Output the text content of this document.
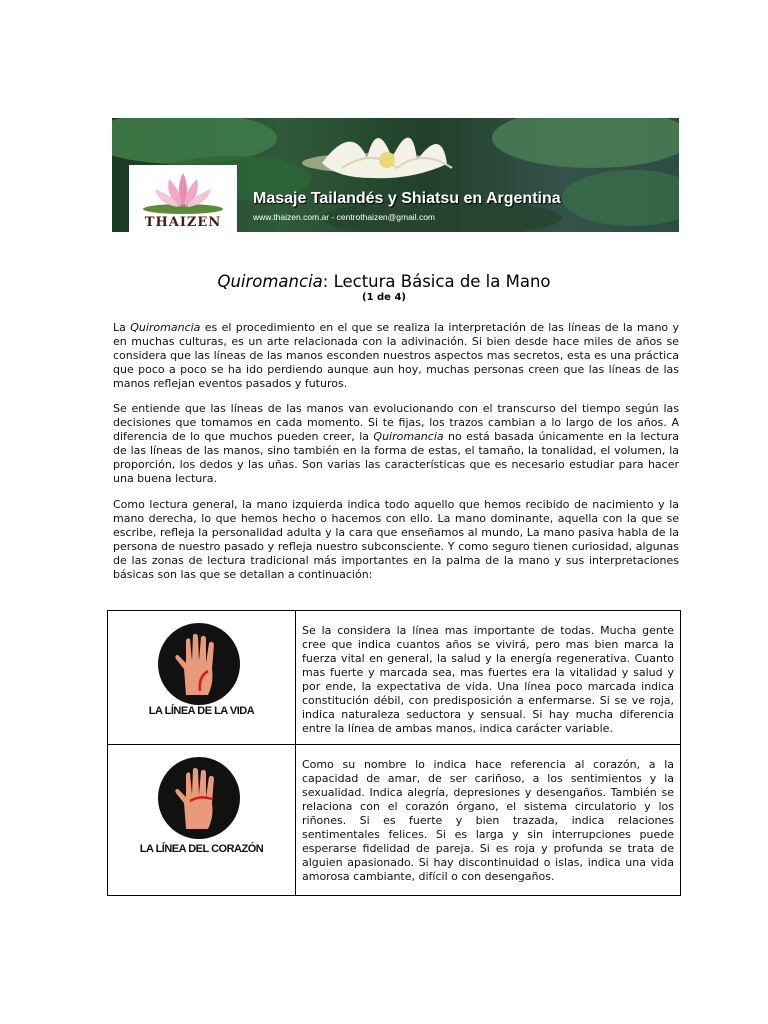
THAIZEN
Masaje Tailandés y Shiatsu en Argentina
www.thaizen.com.ar - centrothaizen@gmail.com
Quiromancia: Lectura Básica de la Mano
(1 de 4)

La Quiromancia es el procedimiento en el que se realiza la interpretación de las líneas de la mano y en muchas culturas, es un arte relacionada con la adivinación. Si bien desde hace miles de años se considera que las líneas de las manos esconden nuestros aspectos mas secretos, esta es una práctica que poco a poco se ha ido perdiendo aunque aun hoy, muchas personas creen que las líneas de las manos reflejan eventos pasados y futuros.

Se entiende que las líneas de las manos van evolucionando con el transcurso del tiempo según las decisiones que tomamos en cada momento. Si te fijas, los trazos cambian a lo largo de los años. A diferencia de lo que muchos pueden creer, la Quiromancia no está basada únicamente en la lectura de las líneas de las manos, sino también en la forma de estas, el tamaño, la tonalidad, el volumen, la proporción, los dedos y las uñas. Son varias las características que es necesario estudiar para hacer una buena lectura.

Como lectura general, la mano izquierda indica todo aquello que hemos recibido de nacimiento y la mano derecha, lo que hemos hecho o hacemos con ello. La mano dominante, aquella con la que se escribe, refleja la personalidad adulta y la cara que enseñamos al mundo, La mano pasiva habla de la persona de nuestro pasado y refleja nuestro subconsciente. Y como seguro tienen curiosidad, algunas de las zonas de lectura tradicional más importantes en la palma de la mano y sus interpretaciones básicas son las que se detallan a continuación:

LA LÍNEA DE LA VIDA	Se la considera la línea mas importante de todas. Mucha gente cree que indica cuantos años se vivirá, pero mas bien marca la fuerza vital en general, la salud y la energía regenerativa. Cuanto mas fuerte y marcada sea, mas fuertes era la vitalidad y salud y por ende, la expectativa de vida. Una línea poco marcada indica constitución débil, con predisposición a enfermarse. Si se ve roja, indica naturaleza seductora y sensual. Si hay mucha diferencia entre la línea de ambas manos, indica carácter variable.

LA LÍNEA DEL CORAZÓN	Como su nombre lo indica hace referencia al corazón, a la capacidad de amar, de ser cariñoso, a los sentimientos y la sexualidad. Indica alegría, depresiones y desengaños. También se relaciona con el corazón órgano, el sistema circulatorio y los riñones. Si es fuerte y bien trazada, indica relaciones sentimentales felices. Si es larga y sin interrupciones puede esperarse fidelidad de pareja. Si es roja y profunda se trata de alguien apasionado. Si hay discontinuidad o islas, indica una vida amorosa cambiante, difícil o con desengaños.
